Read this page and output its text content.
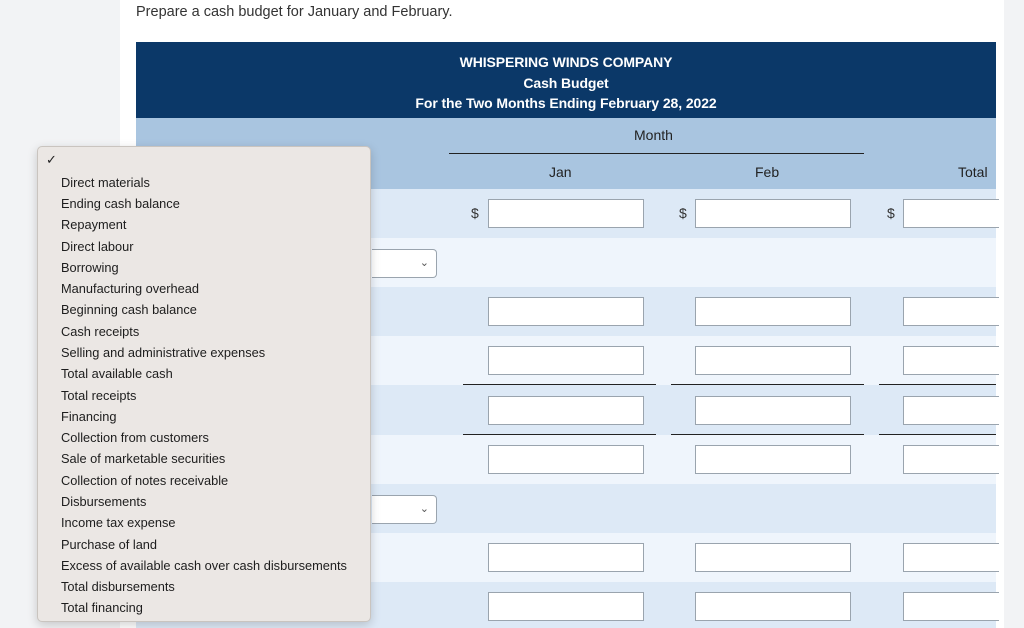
Prepare a cash budget for January and February.
WHISPERING WINDS COMPANY
Cash Budget
For the Two Months Ending February 28, 2022
Month
Jan	Feb	Total
$	$	$
⌄
⌄
✓
Direct materials
Ending cash balance
Repayment
Direct labour
Borrowing
Manufacturing overhead
Beginning cash balance
Cash receipts
Selling and administrative expenses
Total available cash
Total receipts
Financing
Collection from customers
Sale of marketable securities
Collection of notes receivable
Disbursements
Income tax expense
Purchase of land
Excess of available cash over cash disbursements
Total disbursements
Total financing
